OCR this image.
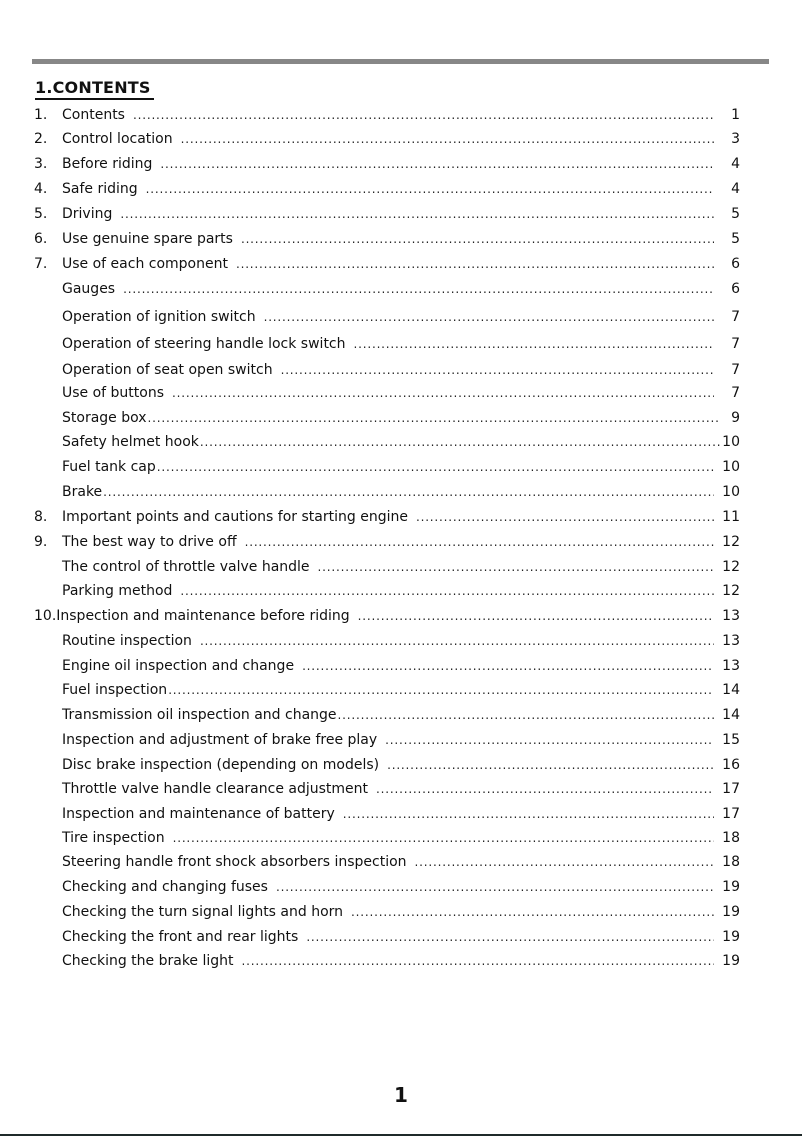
1.CONTENTS
1.	Contents .....	1
2.	Control location .....	3
3.	Before riding .....	4
4.	Safe riding .....	4
5.	Driving .....	5
6.	Use genuine spare parts .....	5
7.	Use of each component .....	6
Gauges .....	6
Operation of ignition switch .....	7
Operation of steering handle lock switch .....	7
Operation of seat open switch .....	7
Use of buttons .....	7
Storage box .....	9
Safety helmet hook .....	10
Fuel tank cap .....	10
Brake .....	10
8.	Important points and cautions for starting engine .....	11
9.	The best way to drive off .....	12
The control of throttle valve handle .....	12
Parking method .....	12
10. Inspection and maintenance before riding .....	13
Routine inspection .....	13
Engine oil inspection and change .....	13
Fuel inspection .....	14
Transmission oil inspection and change .....	14
Inspection and adjustment of brake free play .....	15
Disc brake inspection (depending on models) .....	16
Throttle valve handle clearance adjustment .....	17
Inspection and maintenance of battery .....	17
Tire inspection .....	18
Steering handle front shock absorbers inspection .....	18
Checking and changing fuses .....	19
Checking the turn signal lights and horn .....	19
Checking the front and rear lights .....	19
Checking the brake light .....	19
1
